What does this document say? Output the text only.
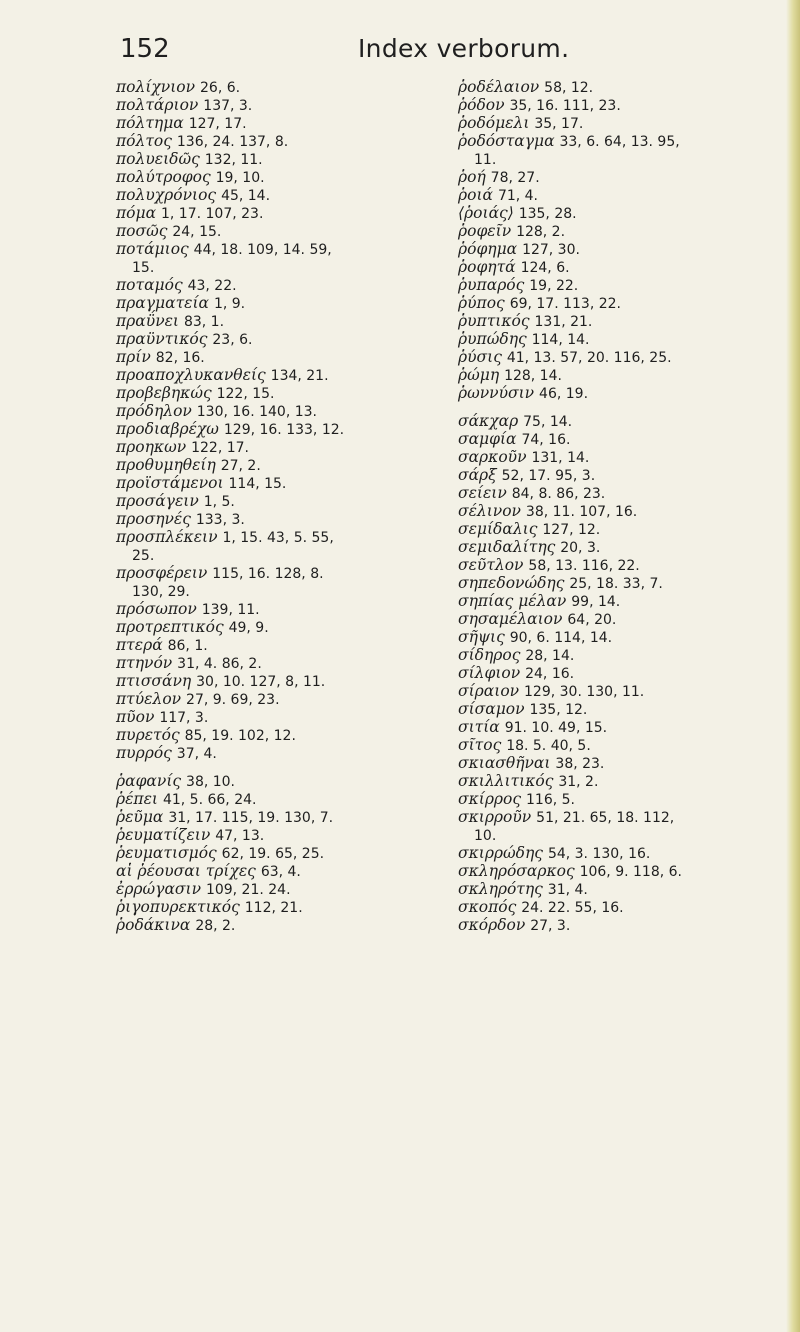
152	Index verborum.
πολίχνιον 26, 6.
πολτάριον 137, 3.
πόλτημα 127, 17.
πόλτος 136, 24. 137, 8.
πολυειδῶς 132, 11.
πολύτροφος 19, 10.
πολυχρόνιος 45, 14.
πόμα 1, 17. 107, 23.
ποσῶς 24, 15.
ποτάμιος 44, 18. 109, 14. 59,
15.
ποταμός 43, 22.
πραγματεία 1, 9.
πραΰνει 83, 1.
πραϋντικός 23, 6.
πρίν 82, 16.
προαποχλυκανθείς 134, 21.
προβεβηκώς 122, 15.
πρόδηλον 130, 16. 140, 13.
προδιαβρέχω 129, 16. 133, 12.
προηκων 122, 17.
προθυμηθείη 27, 2.
προϊστάμενοι 114, 15.
προσάγειν 1, 5.
προσηνές 133, 3.
προσπλέκειν 1, 15. 43, 5. 55,
25.
προσφέρειν 115, 16. 128, 8.
130, 29.
πρόσωπον 139, 11.
προτρεπτικός 49, 9.
πτερά 86, 1.
πτηνόν 31, 4. 86, 2.
πτισσάνη 30, 10. 127, 8, 11.
πτύελον 27, 9. 69, 23.
πῦον 117, 3.
πυρετός 85, 19. 102, 12.
πυρρός 37, 4.
ῥαφανίς 38, 10.
ῥέπει 41, 5. 66, 24.
ῥεῦμα 31, 17. 115, 19. 130, 7.
ῥευματίζειν 47, 13.
ῥευματισμός 62, 19. 65, 25.
αἱ ῥέουσαι τρίχες 63, 4.
ἐρρώγασιν 109, 21. 24.
ῥιγοπυρεκτικός 112, 21.
ῥοδάκινα 28, 2.
ῥοδέλαιον 58, 12.
ῥόδον 35, 16. 111, 23.
ῥοδόμελι 35, 17.
ῥοδόσταγμα 33, 6. 64, 13. 95,
11.
ῥοή 78, 27.
ῥοιά 71, 4.
⟨ῥοιάς⟩ 135, 28.
ῥοφεῖν 128, 2.
ῥόφημα 127, 30.
ῥοφητά 124, 6.
ῥυπαρός 19, 22.
ῥύπος 69, 17. 113, 22.
ῥυπτικός 131, 21.
ῥυπώδης 114, 14.
ῥύσις 41, 13. 57, 20. 116, 25.
ῥώμη 128, 14.
ῥωννύσιν 46, 19.
σάκχαρ 75, 14.
σαμφία 74, 16.
σαρκοῦν 131, 14.
σάρξ 52, 17. 95, 3.
σείειν 84, 8. 86, 23.
σέλινον 38, 11. 107, 16.
σεμίδαλις 127, 12.
σεμιδαλίτης 20, 3.
σεῦτλον 58, 13. 116, 22.
σηπεδονώδης 25, 18. 33, 7.
σηπίας μέλαν 99, 14.
σησαμέλαιον 64, 20.
σῆψις 90, 6. 114, 14.
σίδηρος 28, 14.
σίλφιον 24, 16.
σίραιον 129, 30. 130, 11.
σίσαμον 135, 12.
σιτία 91. 10. 49, 15.
σῖτος 18. 5. 40, 5.
σκιασθῆναι 38, 23.
σκιλλιτικός 31, 2.
σκίρρος 116, 5.
σκιρροῦν 51, 21. 65, 18. 112,
10.
σκιρρώδης 54, 3. 130, 16.
σκληρόσαρκος 106, 9. 118, 6.
σκληρότης 31, 4.
σκοπός 24. 22. 55, 16.
σκόρδον 27, 3.
